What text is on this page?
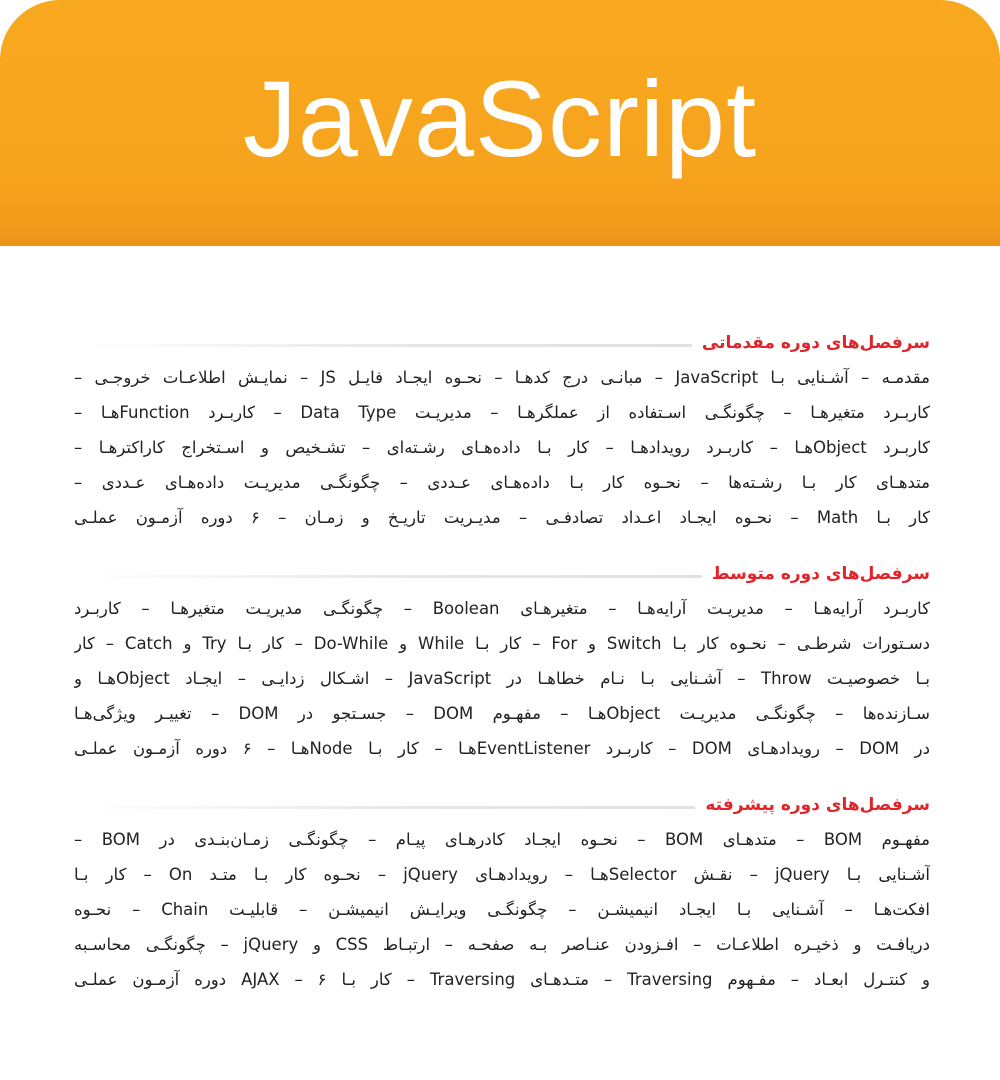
JavaScript
سرفصل‌های دوره مقدماتی
مقدمـه – آشـنایی بـا JavaScript – مبانـی درج کدهـا – نحـوه ایجـاد فایـل JS – نمایـش اطلاعـات خروجـی –
کاربـرد متغیرهـا – چگونگـی اسـتفاده از عملگرهـا – مدیریـت Data Type – کاربـرد Functionهـا –
کاربـرد Objectهـا – کاربـرد رویدادهـا – کار بـا داده‌هـای رشـته‌ای – تشـخیص و اسـتخراج کاراکترهـا –
متدهـای کار بـا رشـته‌ها – نحـوه کار بـا داده‌هـای عـددی – چگونگـی مدیریـت داده‌هـای عـددی –
کار بـا Math – نحـوه ایجـاد اعـداد تصادفـی – مدیـریت تاریـخ و زمـان – ۶ دوره آزمـون عملـی
سرفصل‌های دوره متوسط
کاربـرد آرایه‌هـا – مدیریـت آرایه‌هـا – متغیرهـای Boolean – چگونگـی مدیریـت متغیرهـا – کاربـرد
دسـتورات شرطـی – نحـوه کار بـا Switch و For – کار بـا While و Do-While – کار بـا Try و Catch – کار
بـا خصوصیـت Throw – آشـنایی بـا نـام خطاهـا در JavaScript – اشـکال زدایـی – ایجـاد Objectهـا و
سـازنده‌ها – چگونگـی مدیریـت Objectهـا – مفهـوم DOM – جسـتجو در DOM – تغییـر ویژگی‌هـا
در DOM – رویدادهـای DOM – کاربـرد EventListenerهـا – کار بـا Nodeهـا – ۶ دوره آزمـون عملـی
سرفصل‌های دوره پیشرفته
مفهـوم BOM – متدهـای BOM – نحـوه ایجـاد کادرهـای پیـام – چگونگـی زمـان‌بنـدی در BOM –
آشـنایی بـا jQuery – نقـش Selectorهـا – رویدادهـای jQuery – نحـوه کار بـا متـد On – کار بـا
افکت‌هـا – آشـنایی بـا ایجـاد انیمیشـن – چگونگـی ویرایـش انیمیشـن – قابلیـت Chain – نحـوه
دریافـت و ذخیـره اطلاعـات – افـزودن عنـاصر بـه صفحـه – ارتبـاط CSS و jQuery – چگونگـی محاسـبه
و کنتـرل ابعـاد – مفـهوم Traversing – متـدهـای Traversing – کار بـا AJAX – ۶ دوره آزمـون عملـی
